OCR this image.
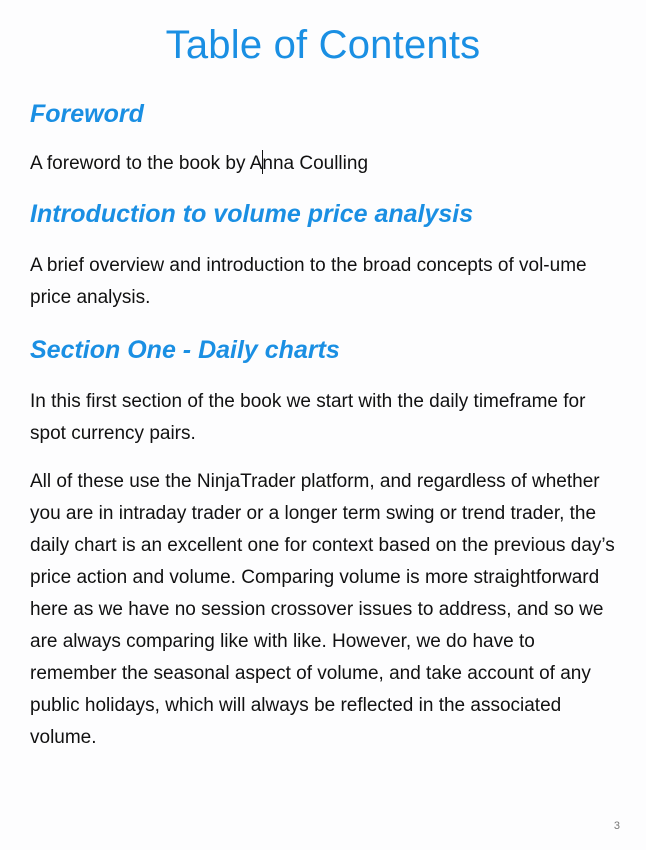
Table of Contents
Foreword

A foreword to the book by Anna Coulling

Introduction to volume price analysis

A brief overview and introduction to the broad concepts of vol-ume price analysis.

Section One - Daily charts

In this first section of the book we start with the daily timeframe for spot currency pairs.

All of these use the NinjaTrader platform, and regardless of whether you are in intraday trader or a longer term swing or trend trader, the daily chart is an excellent one for context based on the previous day’s price action and volume. Comparing volume is more straightforward here as we have no session crossover issues to address, and so we are always comparing like with like. However, we do have to remember the seasonal aspect of volume, and take account of any public holidays, which will always be reflected in the associated volume.

3
